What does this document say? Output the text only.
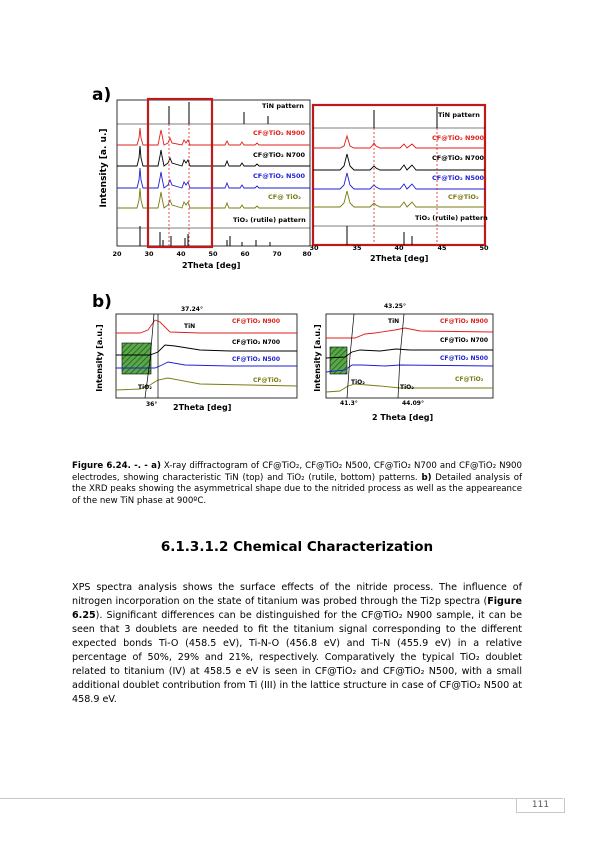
a)
Intensity [a. u.]
TiN pattern
TiO₂ (rutile) pattern
CF@TiO₂ N900
CF@TiO₂ N700
CF@TiO₂ N500
CF@ TiO₂
20	30	40	50	60	70	80
2Theta [deg]
TiN pattern
TiO₂ (rutile) pattern
CF@TiO₂ N900
CF@TiO₂ N700
CF@TiO₂ N500
CF@TiO₂
30	35	40	45	50
2Theta [deg]
b)
Intensity [a.u.]
37.24°
TiN
TiO₂
36° 2Theta [deg]
CF@TiO₂ N900
CF@TiO₂ N700
CF@TiO₂ N500
CF@TiO₂	Intensity [a.u.]
43.25°
TiN
TiO₂
TiO₂
41.3°	44.09°
2 Theta [deg]
CF@TiO₂ N900
CF@TiO₂ N700
CF@TiO₂ N500
CF@TiO₂
Figure 6.24. -. - a) X-ray diffractogram of CF@TiO₂, CF@TiO₂ N500, CF@TiO₂ N700 and CF@TiO₂ N900 electrodes, showing characteristic TiN (top) and TiO₂ (rutile, bottom) patterns. b) Detailed analysis of the XRD peaks showing the asymmetrical shape due to the nitrided process as well as the appeareance of the new TiN phase at 900ºC.
6.1.3.1.2 Chemical Characterization
XPS spectra analysis shows the surface effects of the nitride process. The influence of nitrogen incorporation on the state of titanium was probed through the Ti2p spectra (Figure 6.25). Significant differences can be distinguished for the CF@TiO₂ N900 sample, it can be seen that 3 doublets are needed to fit the titanium signal corresponding to the different expected bonds Ti-O (458.5 eV), Ti-N-O (456.8 eV) and Ti-N (455.9 eV) in a relative percentage of 50%, 29% and 21%, respectively. Comparatively the typical TiO₂ doublet related to titanium (IV) at 458.5 e eV is seen in CF@TiO₂ and CF@TiO₂ N500, with a small additional doublet contribution from Ti (III) in the lattice structure in case of CF@TiO₂ N500 at 458.9 eV.
111
